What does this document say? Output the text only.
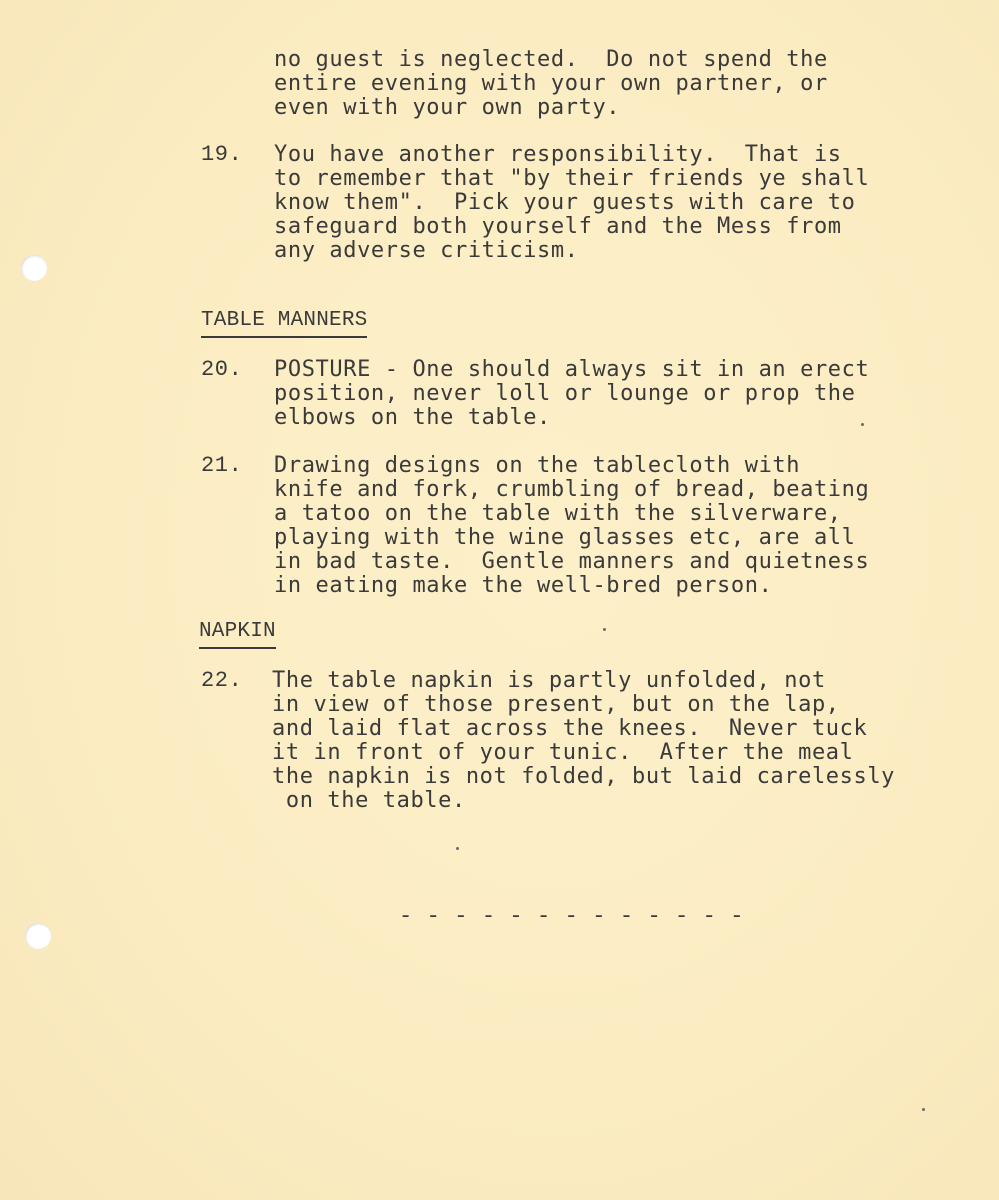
no guest is neglected.  Do not spend the
entire evening with your own partner, or
even with your own party.
19. You have another responsibility.  That is
to remember that "by their friends ye shall
know them".  Pick your guests with care to
safeguard both yourself and the Mess from
any adverse criticism.
TABLE MANNERS
20. POSTURE - One should always sit in an erect
position, never loll or lounge or prop the
elbows on the table.
21. Drawing designs on the tablecloth with
knife and fork, crumbling of bread, beating
a tatoo on the table with the silverware,
playing with the wine glasses etc, are all
in bad taste.  Gentle manners and quietness
in eating make the well-bred person.
NAPKIN
22. The table napkin is partly unfolded, not
in view of those present, but on the lap,
and laid flat across the knees.  Never tuck
it in front of your tunic.  After the meal
the napkin is not folded, but laid carelessly
on the table.
- - - - - - - - - - - - -
